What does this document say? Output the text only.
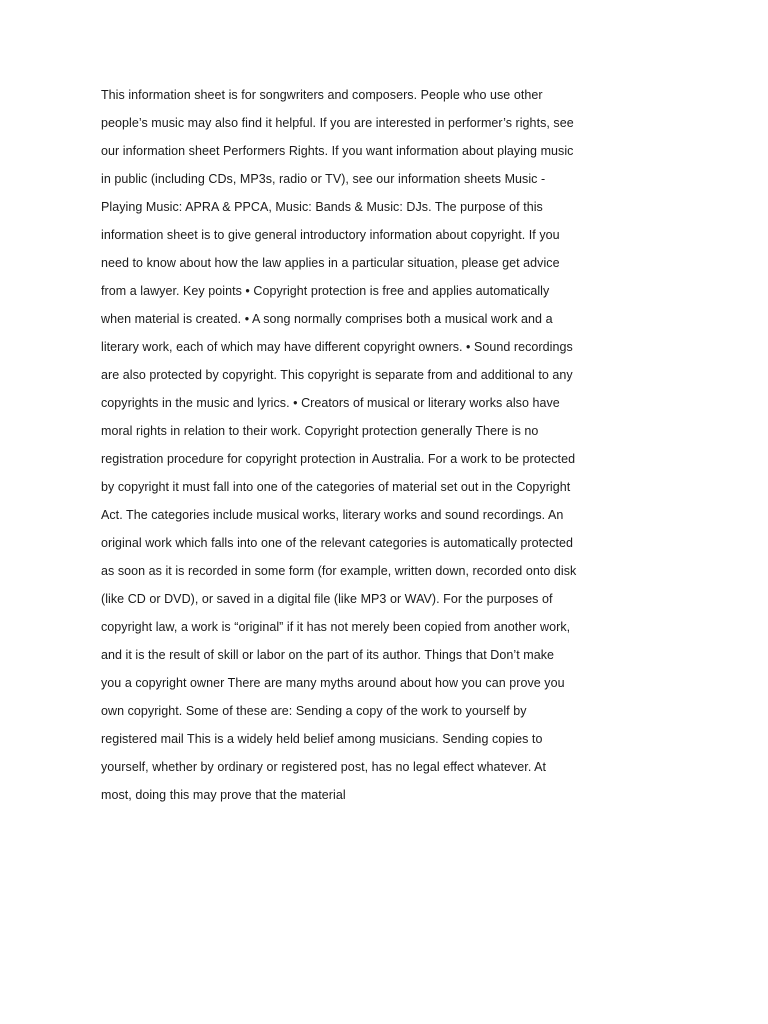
This information sheet is for songwriters and composers. People who use other
people’s music may also find it helpful. If you are interested in performer’s rights, see
our information sheet Performers Rights. If you want information about playing music
in public (including CDs, MP3s, radio or TV), see our information sheets Music -
Playing Music: APRA & PPCA, Music: Bands & Music: DJs. The purpose of this
information sheet is to give general introductory information about copyright. If you
need to know about how the law applies in a particular situation, please get advice
from a lawyer. Key points • Copyright protection is free and applies automatically
when material is created. • A song normally comprises both a musical work and a
literary work, each of which may have different copyright owners. • Sound recordings
are also protected by copyright. This copyright is separate from and additional to any
copyrights in the music and lyrics. • Creators of musical or literary works also have
moral rights in relation to their work. Copyright protection generally There is no
registration procedure for copyright protection in Australia. For a work to be protected
by copyright it must fall into one of the categories of material set out in the Copyright
Act. The categories include musical works, literary works and sound recordings. An
original work which falls into one of the relevant categories is automatically protected
as soon as it is recorded in some form (for example, written down, recorded onto disk
(like CD or DVD), or saved in a digital file (like MP3 or WAV). For the purposes of
copyright law, a work is “original” if it has not merely been copied from another work,
and it is the result of skill or labor on the part of its author. Things that Don’t make
you a copyright owner There are many myths around about how you can prove you
own copyright. Some of these are: Sending a copy of the work to yourself by
registered mail This is a widely held belief among musicians. Sending copies to
yourself, whether by ordinary or registered post, has no legal effect whatever. At
most, doing this may prove that the material
